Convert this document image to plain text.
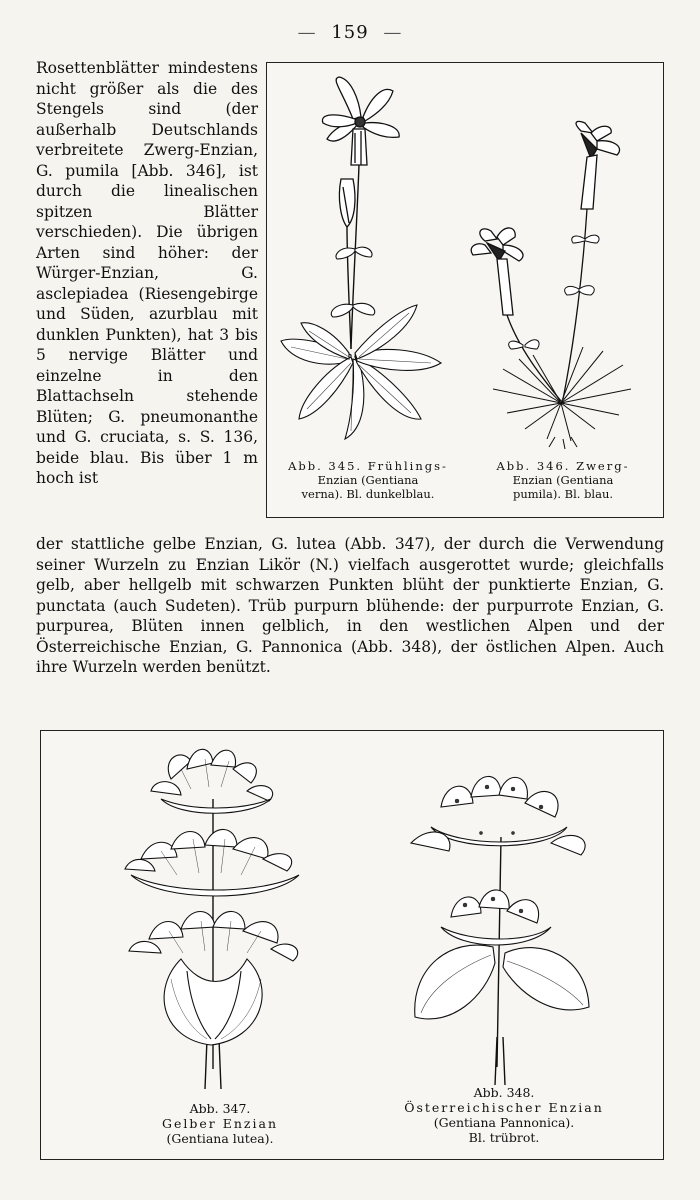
— 159 —

Rosettenblätter mindestens nicht größer als die des Stengels sind (der außerhalb Deutschlands verbreitete Zwerg-Enzian, G. pumila [Abb. 346], ist durch die linealischen spitzen Blätter verschieden). Die übrigen Arten sind höher: der Würger-Enzian, G. asclepiadea (Riesengebirge und Süden, azurblau mit dunklen Punkten), hat 3 bis 5 nervige Blätter und einzelne in den Blattachseln stehende Blüten; G. pneumonanthe und G. cruciata, s. S. 136, beide blau. Bis über 1 m hoch ist

Abb. 345. Frühlings-
Enzian (Gentiana
verna). Bl. dunkelblau.
Abb. 346. Zwerg-
Enzian (Gentiana
pumila). Bl. blau.

der stattliche gelbe Enzian, G. lutea (Abb. 347), der durch die Verwendung seiner Wurzeln zu Enzian Likör (N.) vielfach ausgerottet wurde; gleichfalls gelb, aber hellgelb mit schwarzen Punkten blüht der punktierte Enzian, G. punctata (auch Sudeten). Trüb purpurn blühende: der purpurrote Enzian, G. purpurea, Blüten innen gelblich, in den westlichen Alpen und der Österreichische Enzian, G. Pannonica (Abb. 348), der östlichen Alpen. Auch ihre Wurzeln werden benützt.

Abb. 347.
Gelber Enzian
(Gentiana lutea).
Abb. 348.
Österreichischer Enzian
(Gentiana Pannonica).
Bl. trübrot.
